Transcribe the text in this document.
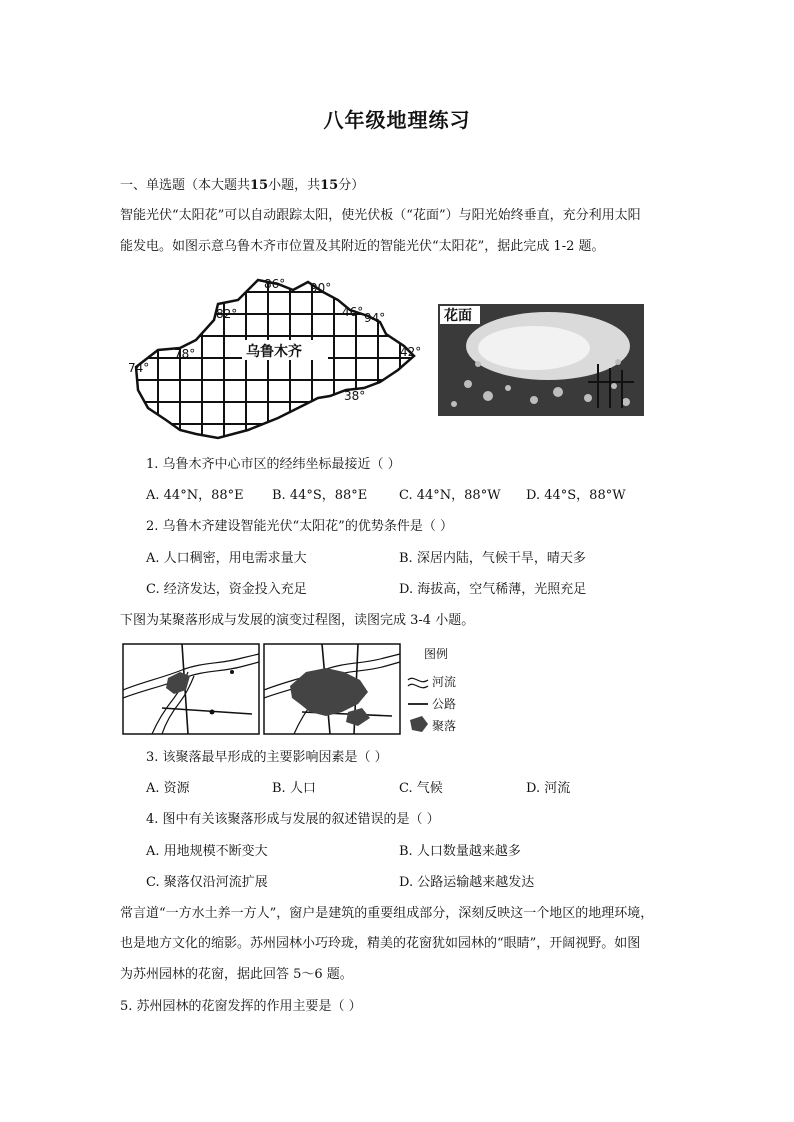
八年级地理练习
一、单选题（本大题共15小题，共15分）
智能光伏“太阳花”可以自动跟踪太阳，使光伏板（“花面”）与阳光始终垂直，充分利用太阳
能发电。如图示意乌鲁木齐市位置及其附近的智能光伏“太阳花”，据此完成 1-2 题。
乌鲁木齐
74°
78°
82°
86° 90°
94°
46°
42°
38°
花面
1. 乌鲁木齐中心市区的经纬坐标最接近（ ）
A. 44°N，88°E B. 44°S，88°E C. 44°N，88°W D. 44°S，88°W
2. 乌鲁木齐建设智能光伏“太阳花”的优势条件是（ ）
A. 人口稠密，用电需求量大	B. 深居内陆，气候干旱，晴天多
C. 经济发达，资金投入充足	D. 海拔高，空气稀薄，光照充足
下图为某聚落形成与发展的演变过程图，读图完成 3-4 小题。
图例
河流
公路
聚落
3. 该聚落最早形成的主要影响因素是（ ）
A. 资源	B. 人口	C. 气候	D. 河流
4. 图中有关该聚落形成与发展的叙述错误的是（ ）
A. 用地规模不断变大	B. 人口数量越来越多
C. 聚落仅沿河流扩展	D. 公路运输越来越发达
常言道“一方水土养一方人”，窗户是建筑的重要组成部分，深刻反映这一个地区的地理环境，
也是地方文化的缩影。苏州园林小巧玲珑，精美的花窗犹如园林的“眼睛”，开阔视野。如图
为苏州园林的花窗，据此回答 5～6 题。
5. 苏州园林的花窗发挥的作用主要是（ ）
